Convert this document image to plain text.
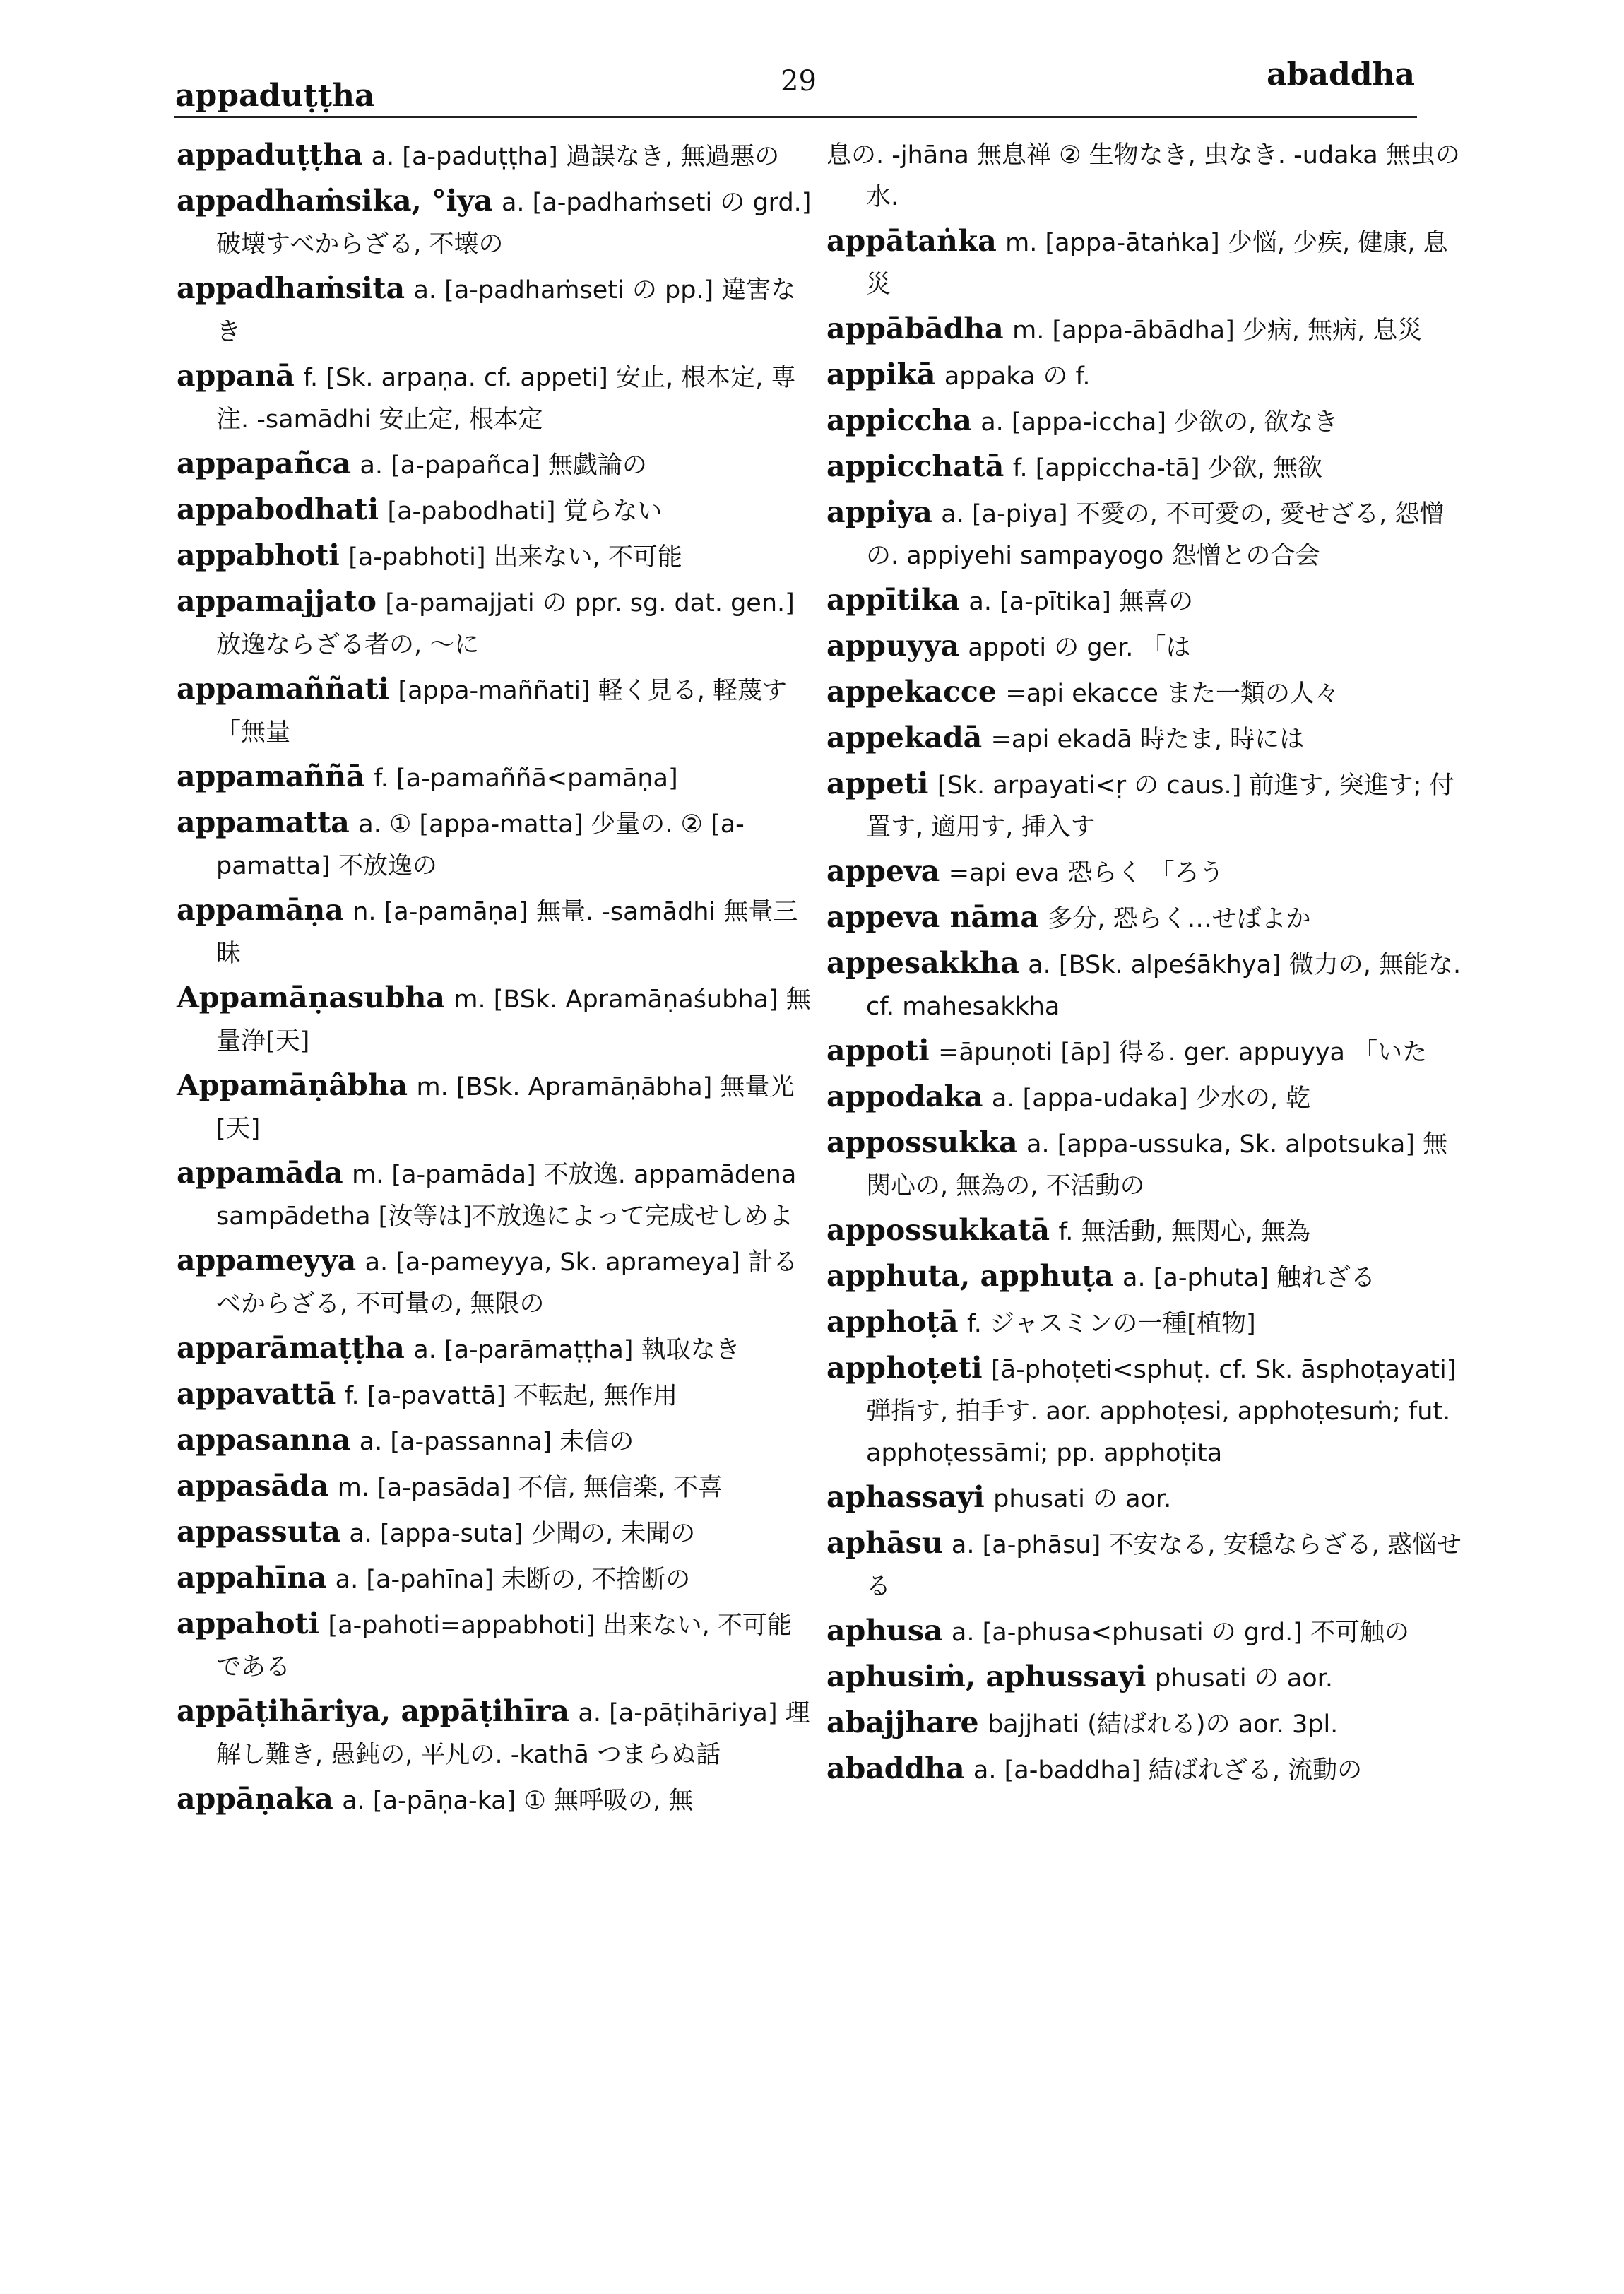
appaduṭṭha	29	abaddha
appaduṭṭha a. [a-paduṭṭha] 過誤なき, 無過悪の
appadhaṁsika, °iya a. [a-padhaṁseti の grd.] 破壊すべからざる, 不壊の
appadhaṁsita a. [a-padhaṁseti の pp.] 違害なき
appanā f. [Sk. arpaṇa. cf. appeti] 安止, 根本定, 専注. -samādhi 安止定, 根本定
appapañca a. [a-papañca] 無戯論の
appabodhati [a-pabodhati] 覚らない
appabhoti [a-pabhoti] 出来ない, 不可能
appamajjato [a-pamajjati の ppr. sg. dat. gen.] 放逸ならざる者の, ～に
appamaññati [appa-maññati] 軽く見る, 軽蔑す 「無量
appamaññā f. [a-pamaññā<pamāṇa]
appamatta a. ① [appa-matta] 少量の. ② [a-pamatta] 不放逸の
appamāṇa n. [a-pamāṇa] 無量. -samādhi 無量三昧
Appamāṇasubha m. [BSk. Apramāṇaśubha] 無量浄[天]
Appamāṇâbha m. [BSk. Apramāṇābha] 無量光[天]
appamāda m. [a-pamāda] 不放逸. appamādena sampādetha [汝等は]不放逸によって完成せしめよ
appameyya a. [a-pameyya, Sk. aprameya] 計るべからざる, 不可量の, 無限の
apparāmaṭṭha a. [a-parāmaṭṭha] 執取なき
appavattā f. [a-pavattā] 不転起, 無作用
appasanna a. [a-passanna] 未信の
appasāda m. [a-pasāda] 不信, 無信楽, 不喜
appassuta a. [appa-suta] 少聞の, 未聞の
appahīna a. [a-pahīna] 未断の, 不捨断の
appahoti [a-pahoti=appabhoti] 出来ない, 不可能である
appāṭihāriya, appāṭihīra a. [a-pāṭihāriya] 理解し難き, 愚鈍の, 平凡の. -kathā つまらぬ話
appāṇaka a. [a-pāṇa-ka] ① 無呼吸の, 無
息の. -jhāna 無息禅 ② 生物なき, 虫なき. -udaka 無虫の水.
appātaṅka m. [appa-ātaṅka] 少悩, 少疾, 健康, 息災
appābādha m. [appa-ābādha] 少病, 無病, 息災
appikā appaka の f.
appiccha a. [appa-iccha] 少欲の, 欲なき
appicchatā f. [appiccha-tā] 少欲, 無欲
appiya a. [a-piya] 不愛の, 不可愛の, 愛せざる, 怨憎の. appiyehi sampayogo 怨憎との合会
appītika a. [a-pītika] 無喜の
appuyya appoti の ger. 「は
appekacce =api ekacce また一類の人々
appekadā =api ekadā 時たま, 時には
appeti [Sk. arpayati<ṛ の caus.] 前進す, 突進す; 付置す, 適用す, 挿入す
appeva =api eva 恐らく 「ろう
appeva nāma 多分, 恐らく…せばよか
appesakkha a. [BSk. alpeśākhya] 微力の, 無能な. cf. mahesakkha
appoti =āpuṇoti [āp] 得る. ger. appuyya 「いた
appodaka a. [appa-udaka] 少水の, 乾
appossukka a. [appa-ussuka, Sk. alpotsuka] 無関心の, 無為の, 不活動の
appossukkatā f. 無活動, 無関心, 無為
apphuta, apphuṭa a. [a-phuta] 触れざる
apphoṭā f. ジャスミンの一種[植物]
apphoṭeti [ā-phoṭeti<sphuṭ. cf. Sk. āsphoṭayati] 弾指す, 拍手す. aor. apphoṭesi, apphoṭesuṁ; fut. apphoṭessāmi; pp. apphoṭita
aphassayi phusati の aor.
aphāsu a. [a-phāsu] 不安なる, 安穏ならざる, 惑悩せる
aphusa a. [a-phusa<phusati の grd.] 不可触の
aphusiṁ, aphussayi phusati の aor.
abajjhare bajjhati (結ばれる)の aor. 3pl.
abaddha a. [a-baddha] 結ばれざる, 流動の
